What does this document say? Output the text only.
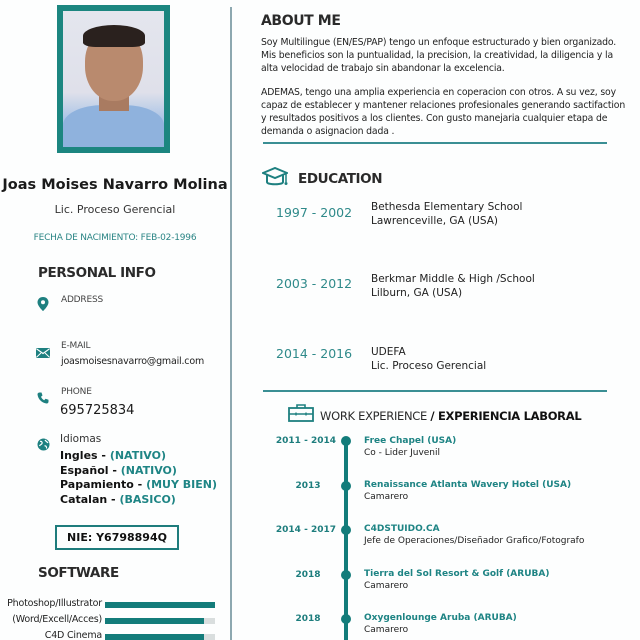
Joas Moises Navarro Molina
Lic. Proceso Gerencial
FECHA DE NACIMIENTO: FEB-02-1996
PERSONAL INFO
ADDRESS
E-MAIL
joasmoisesnavarro@gmail.com
PHONE
695725834
Idiomas
Ingles - (NATIVO)
Español - (NATIVO)
Papamiento - (MUY BIEN)
Catalan - (BASICO)
NIE: Y6798894Q
SOFTWARE
Photoshop/Illustrator
(Word/Excell/Acces)
C4D Cinema
ABOUT ME
Soy Multilingue (EN/ES/PAP) tengo un enfoque estructurado y bien organizado. Mis beneficios son la puntualidad, la precision, la creatividad, la diligencia y la alta velocidad de trabajo sin abandonar la excelencia.
ADEMAS, tengo una amplia experiencia en coperacion con otros. A su vez, soy capaz de establecer y mantener relaciones profesionales generando sactifaction y resultados positivos a los clientes. Con gusto manejaria cualquier etapa de demanda o asignacion dada .
EDUCATION
1997 - 2002 Bethesda Elementary School
Lawrenceville, GA (USA)
2003 - 2012 Berkmar Middle & High /School
Lilburn, GA (USA)
2014 - 2016 UDEFA
Lic. Proceso Gerencial
WORK EXPERIENCE / EXPERIENCIA LABORAL
2011 - 2014	Free Chapel (USA)
Co - Lider Juvenil
2013	Renaissance Atlanta Wavery Hotel (USA)
Camarero
2014 - 2017	C4DSTUIDO.CA
Jefe de Operaciones/Diseñador Grafico/Fotografo
2018	Tierra del Sol Resort & Golf (ARUBA)
Camarero
2018	Oxygenlounge Aruba (ARUBA)
Camarero
